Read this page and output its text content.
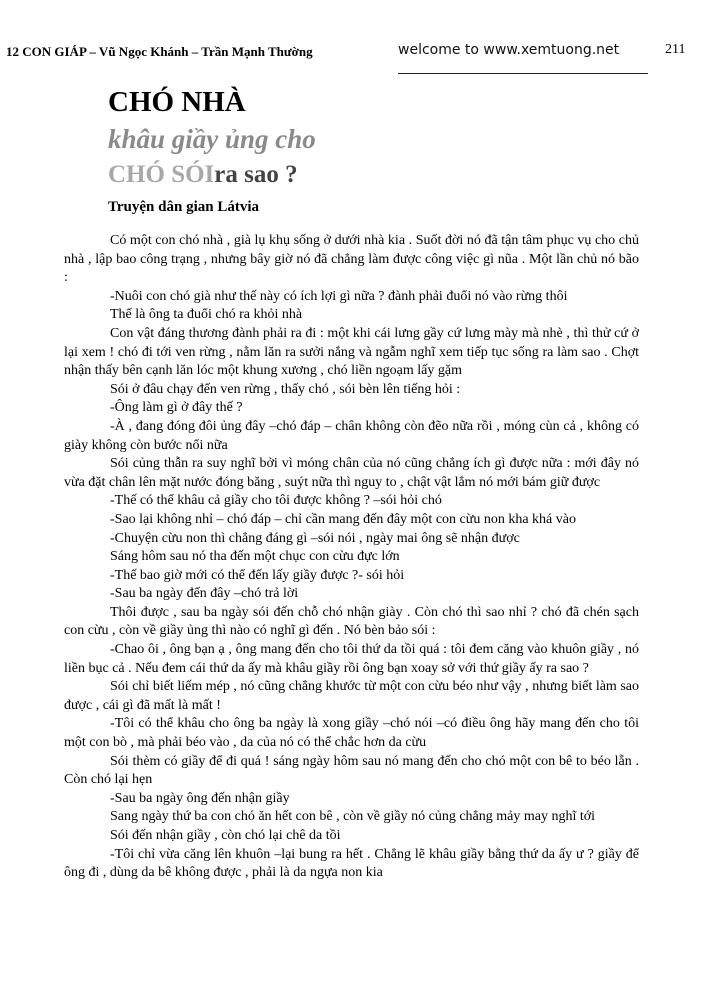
12 CON GIÁP – Vũ Ngọc Khánh – Trần Mạnh Thường	welcome to www.xemtuong.net	211
CHÓ NHÀ
khâu giầy ủng cho
CHÓ SÓIra sao ?
Truyện dân gian Látvia

Có một con chó nhà , già lụ khụ sống ở dưới nhà kia . Suốt đời nó đã tận tâm phục vụ cho chủ nhà , lập bao công trạng , nhưng bây giờ nó đã chẳng làm được công việc gì nũa . Một lần chủ nó bão :

-Nuôi con chó già như thế này có ích lợi gì nữa ? đành phải đuổi nó vào rừng thôi

Thế là ông ta đuổi chó ra khỏi nhà

Con vật đáng thương đành phải ra đi : một khi cái lưng gầy cứ lưng mày mà nhè , thì thử cứ ở lại xem ! chó đi tới ven rừng , nằm lăn ra sưởi nắng và ngẫm nghĩ xem tiếp tục sống ra làm sao . Chợt nhận thấy bên cạnh lăn lóc một khung xương , chó liền ngoạm lấy gặm

Sói ở đâu chạy đến ven rừng , thấy chó , sói bèn lên tiếng hỏi :

-Ông làm gì ở đây thế ?

-À , đang đóng đôi ủng đây –chó đáp – chân không còn đẽo nữa rồi , móng cùn cả , không có giày không còn bước nổi nữa

Sói củng thẫn ra suy nghĩ bởi vì móng chân của nó cũng chẳng ích gì được nữa : mới đây nó vừa đặt chân lên mặt nước đóng băng , suýt nữa thì nguy to , chật vật lắm nó mới bám giữ được

-Thế có thể khâu cả giầy cho tôi được không ? –sói hỏi chó

-Sao lại không nhỉ – chó đáp – chỉ cần mang đến đây một con cừu non kha khá vào

-Chuyện cừu non thì chẳng đáng gì –sói nói , ngày mai ông sẽ nhận được

Sáng hôm sau nó tha đến một chục con cừu đực lớn

-Thế bao giờ mới có thể đến lấy giầy được ?- sói hỏi

-Sau ba ngày đến đây –chó trả lời

Thôi được , sau ba ngày sói đến chỗ chó nhận giày . Còn chó thì sao nhỉ ? chó đã chén sạch con cừu , còn về giầy ủng thì nào có nghĩ gì đến . Nó bèn bảo sói :

-Chao ôi , ông bạn ạ , ông mang đến cho tôi thứ da tồi quá : tôi đem căng vào khuôn giầy , nó liền bục cả . Nếu đem cái thứ da ấy mà khâu giầy rồi ông bạn xoay sở với thứ giầy ấy ra sao ?

Sói chỉ biết liếm mép , nó cũng chẳng khước từ một con cừu béo như vậy , nhưng biết làm sao được , cái gì đã mất là mất !

-Tôi có thể khâu cho ông ba ngày là xong giầy –chó nói –có điều ông hãy mang đến cho tôi một con bò , mà phải béo vào , da của nó có thể chắc hơn da cừu

Sói thèm có giầy để đi quá ! sáng ngày hôm sau nó mang đến cho chó một con bê to béo lẵn . Còn chó lại hẹn

-Sau ba ngày ông đến nhận giầy

Sang ngày thứ ba con chó ăn hết con bê , còn về giầy nó củng chẳng mảy may nghĩ tới

Sói đến nhận giầy , còn chó lại chê da tồi

-Tôi chỉ vừa căng lên khuôn –lại bung ra hết . Chẳng lẽ khâu giầy bằng thứ da ấy ư ? giầy để ông đi , dùng da bê không được , phải là da ngựa non kia
